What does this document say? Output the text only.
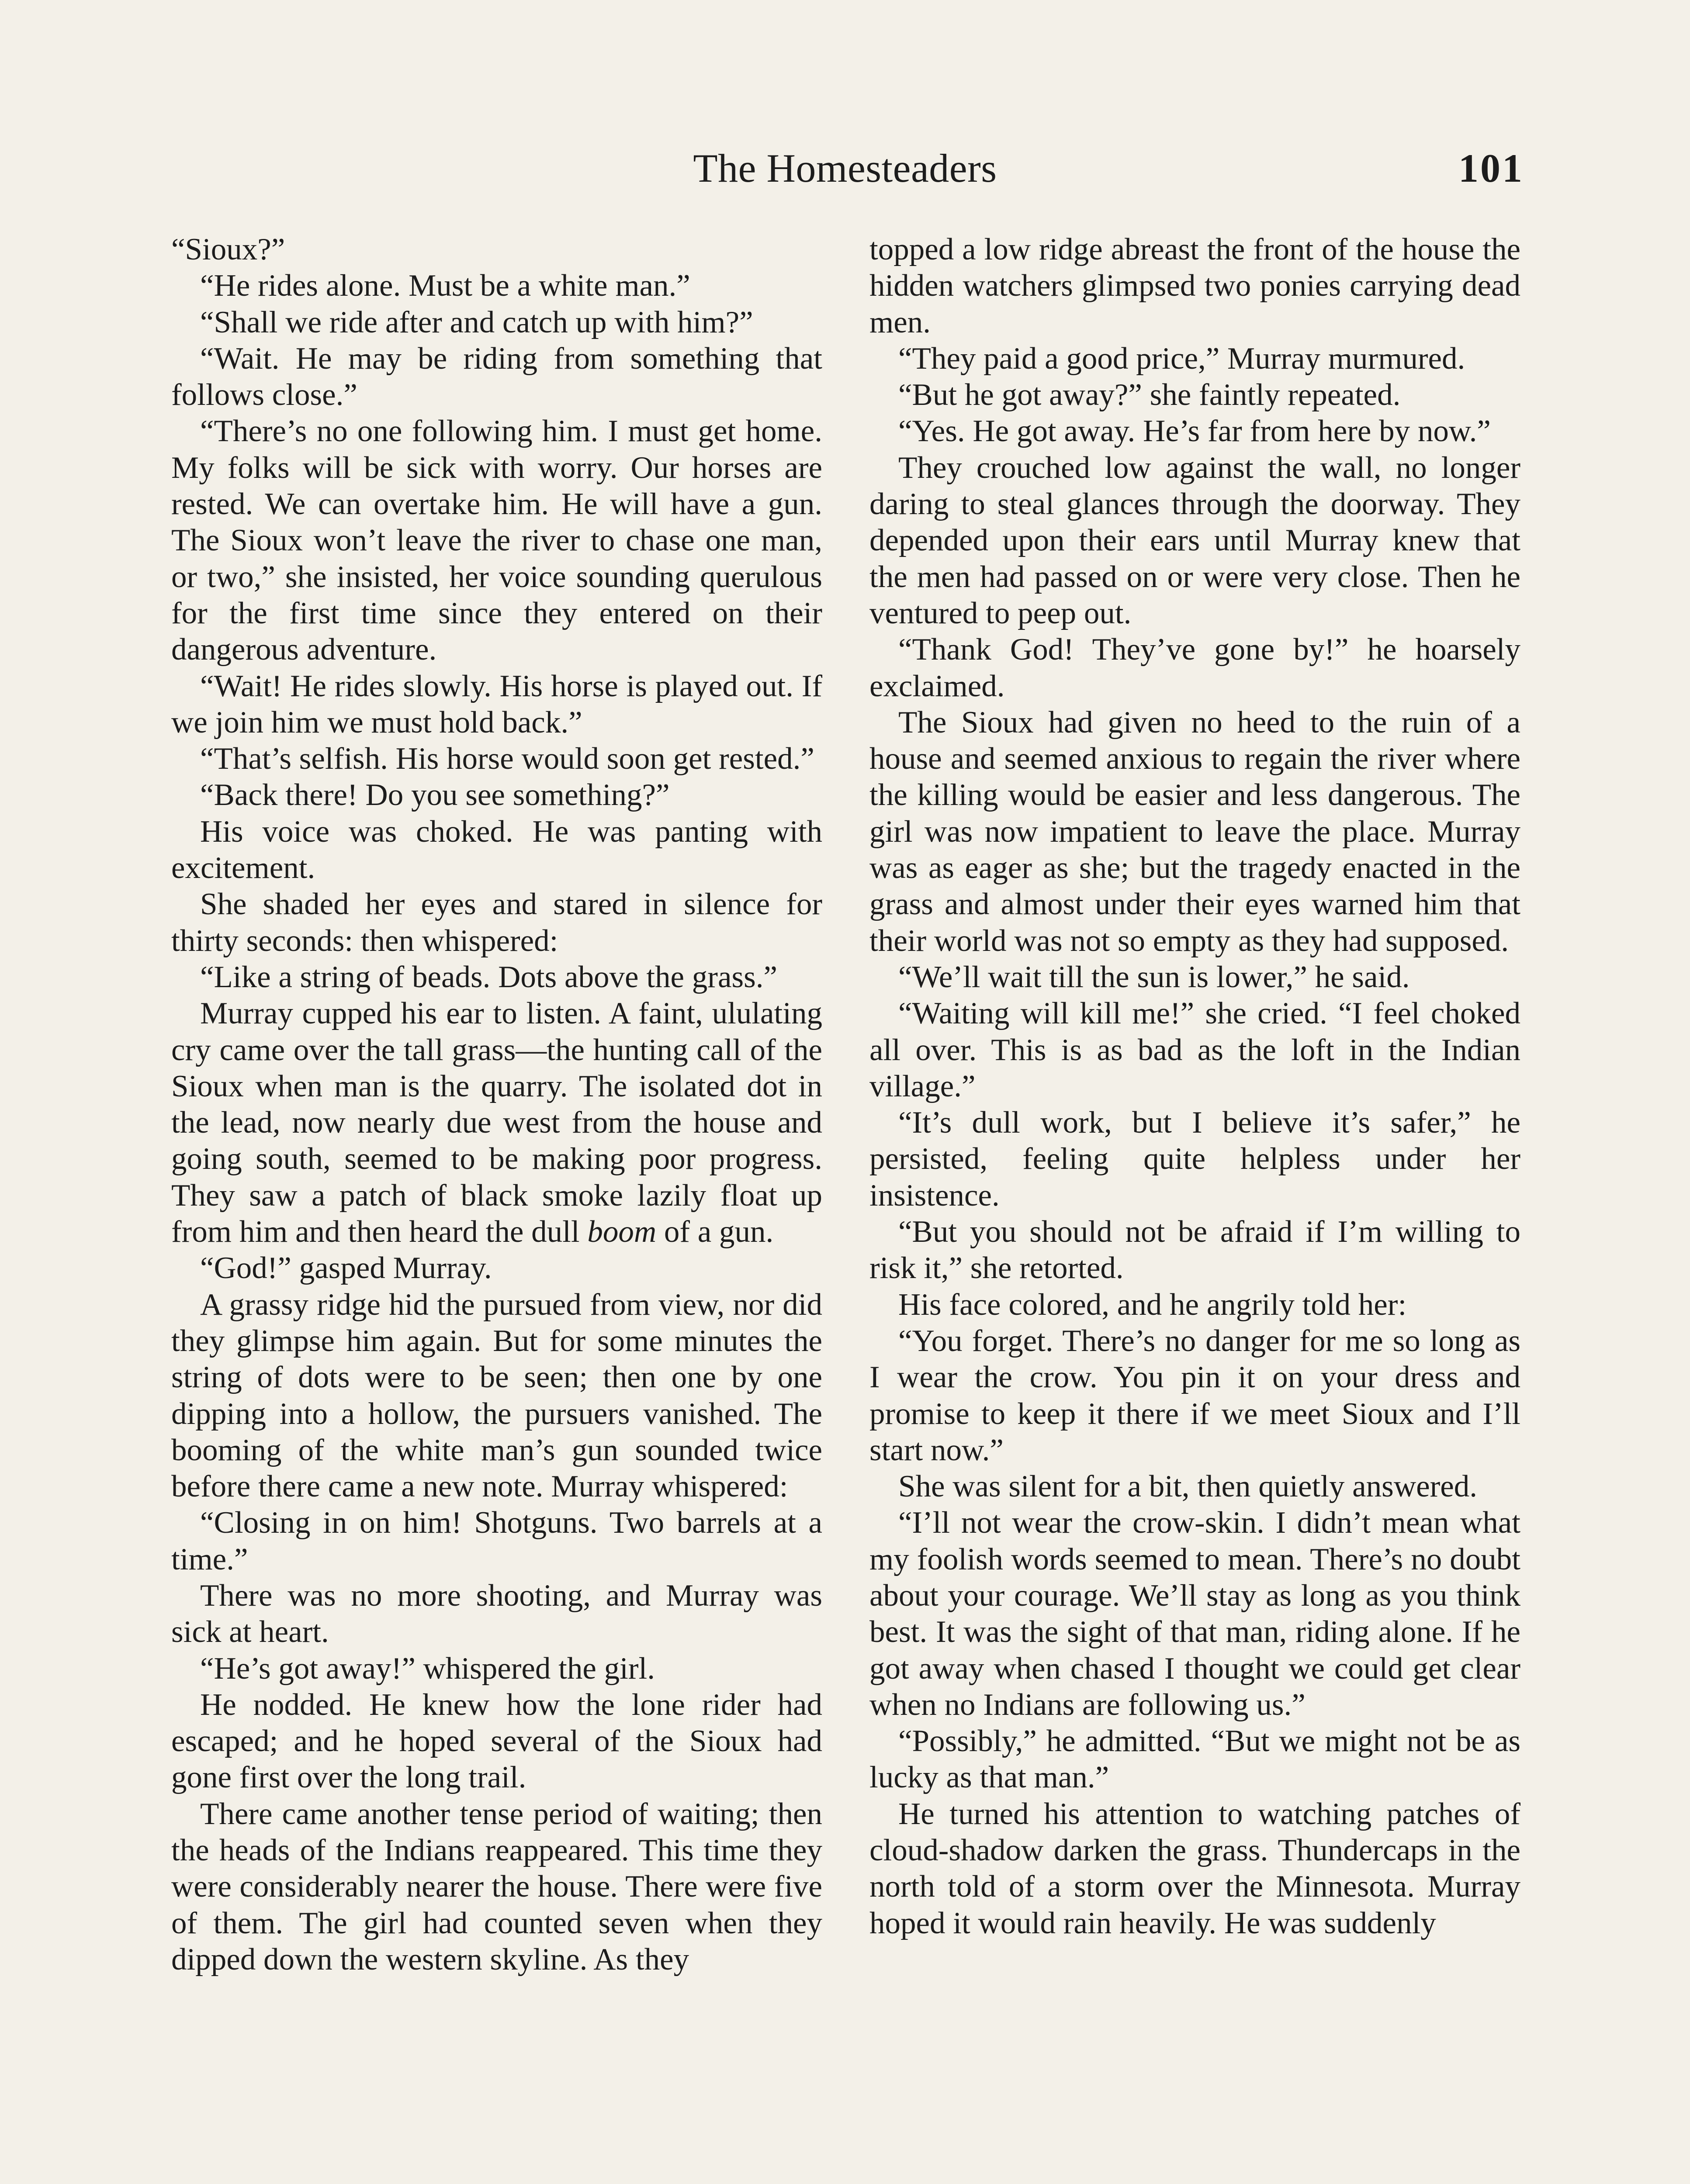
The Homesteaders	101

“Sioux?”

“He rides alone. Must be a white man.”

“Shall we ride after and catch up with him?”

“Wait. He may be riding from something that follows close.”

“There’s no one following him. I must get home. My folks will be sick with worry. Our horses are rested. We can overtake him. He will have a gun. The Sioux won’t leave the river to chase one man, or two,” she insisted, her voice sounding querulous for the first time since they entered on their dangerous adventure.

“Wait! He rides slowly. His horse is played out. If we join him we must hold back.”

“That’s selfish. His horse would soon get rested.”

“Back there! Do you see something?”

His voice was choked. He was panting with excitement.

She shaded her eyes and stared in silence for thirty seconds: then whispered:

“Like a string of beads. Dots above the grass.”

Murray cupped his ear to listen. A faint, ululating cry came over the tall grass—the hunting call of the Sioux when man is the quarry. The isolated dot in the lead, now nearly due west from the house and going south, seemed to be making poor progress. They saw a patch of black smoke lazily float up from him and then heard the dull boom of a gun.

“God!” gasped Murray.

A grassy ridge hid the pursued from view, nor did they glimpse him again. But for some minutes the string of dots were to be seen; then one by one dipping into a hollow, the pursuers vanished. The booming of the white man’s gun sounded twice before there came a new note. Murray whispered:

“Closing in on him! Shotguns. Two barrels at a time.”

There was no more shooting, and Murray was sick at heart.

“He’s got away!” whispered the girl.

He nodded. He knew how the lone rider had escaped; and he hoped several of the Sioux had gone first over the long trail.

There came another tense period of waiting; then the heads of the Indians reappeared. This time they were considerably nearer the house. There were five of them. The girl had counted seven when they dipped down the western skyline. As they

topped a low ridge abreast the front of the house the hidden watchers glimpsed two ponies carrying dead men.

“They paid a good price,” Murray murmured.

“But he got away?” she faintly repeated.

“Yes. He got away. He’s far from here by now.”

They crouched low against the wall, no longer daring to steal glances through the doorway. They depended upon their ears until Murray knew that the men had passed on or were very close. Then he ventured to peep out.

“Thank God! They’ve gone by!” he hoarsely exclaimed.

The Sioux had given no heed to the ruin of a house and seemed anxious to regain the river where the killing would be easier and less dangerous. The girl was now impatient to leave the place. Murray was as eager as she; but the tragedy enacted in the grass and almost under their eyes warned him that their world was not so empty as they had supposed.

“We’ll wait till the sun is lower,” he said.

“Waiting will kill me!” she cried. “I feel choked all over. This is as bad as the loft in the Indian village.”

“It’s dull work, but I believe it’s safer,” he persisted, feeling quite helpless under her insistence.

“But you should not be afraid if I’m willing to risk it,” she retorted.

His face colored, and he angrily told her:

“You forget. There’s no danger for me so long as I wear the crow. You pin it on your dress and promise to keep it there if we meet Sioux and I’ll start now.”

She was silent for a bit, then quietly answered.

“I’ll not wear the crow-skin. I didn’t mean what my foolish words seemed to mean. There’s no doubt about your courage. We’ll stay as long as you think best. It was the sight of that man, riding alone. If he got away when chased I thought we could get clear when no Indians are following us.”

“Possibly,” he admitted. “But we might not be as lucky as that man.”

He turned his attention to watching patches of cloud-shadow darken the grass. Thundercaps in the north told of a storm over the Minnesota. Murray hoped it would rain heavily. He was suddenly
